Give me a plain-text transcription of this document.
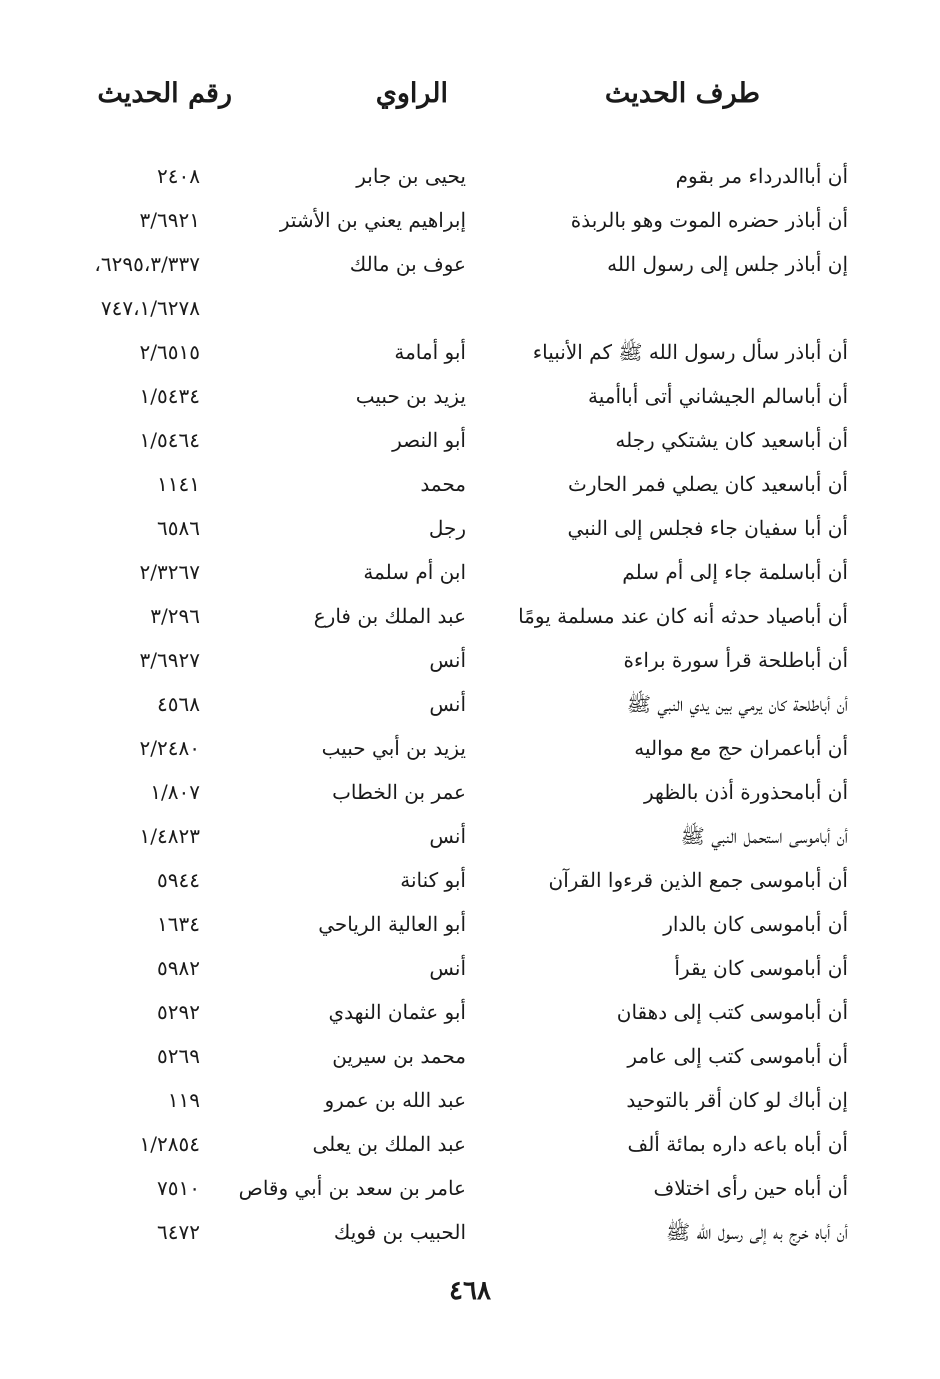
طرف الحديث
الراوي
رقم الحديث
أن أباالدرداء مر بقوم
يحيى بن جابر
٢٤٠٨
أن أباذر حضره الموت وهو بالربذة
إبراهيم يعني بن الأشتر
٣/٦٩٢١
إن أباذر جلس إلى رسول الله
عوف بن مالك
٦٢٩٥،٣/٣٣٧،
٧٤٧،١/٦٢٧٨
أن أباذر سأل رسول الله ﷺ كم الأنبياء
أبو أمامة
٢/٦٥١٥
أن أباسالم الجيشاني أتى أباأمية
يزيد بن حبيب
١/٥٤٣٤
أن أباسعيد كان يشتكي رجله
أبو النصر
١/٥٤٦٤
أن أباسعيد كان يصلي فمر الحارث
محمد
١١٤١
أن أبا سفيان جاء فجلس إلى النبي
رجل
٦٥٨٦
أن أباسلمة جاء إلى أم سلم
ابن أم سلمة
٢/٣٢٦٧
أن أباصياد حدثه أنه كان عند مسلمة يومًا
عبد الملك بن فارع
٣/٢٩٦
أن أباطلحة قرأ سورة براءة
أنس
٣/٦٩٢٧
أن أباطلحة كان يرمي بين يدي النبي ﷺ
أنس
٤٥٦٨
أن أباعمران حج مع مواليه
يزيد بن أبي حبيب
٢/٢٤٨٠
أن أبامحذورة أذن بالظهر
عمر بن الخطاب
١/٨٠٧
أن أباموسى استحمل النبي ﷺ
أنس
١/٤٨٢٣
أن أباموسى جمع الذين قرءوا القرآن
أبو كنانة
٥٩٤٤
أن أباموسى كان بالدار
أبو العالية الرياحي
١٦٣٤
أن أباموسى كان يقرأ
أنس
٥٩٨٢
أن أباموسى كتب إلى دهقان
أبو عثمان النهدي
٥٢٩٢
أن أباموسى كتب إلى عامر
محمد بن سيرين
٥٢٦٩
إن أباك لو كان أقر بالتوحيد
عبد الله بن عمرو
١١٩
أن أباه باعه داره بمائة ألف
عبد الملك بن يعلى
١/٢٨٥٤
أن أباه حين رأى اختلاف
عامر بن سعد بن أبي وقاص
٧٥١٠
أن أباه خرج به إلى رسول الله ﷺ
الحبيب بن فويك
٦٤٧٢
٤٦٨
